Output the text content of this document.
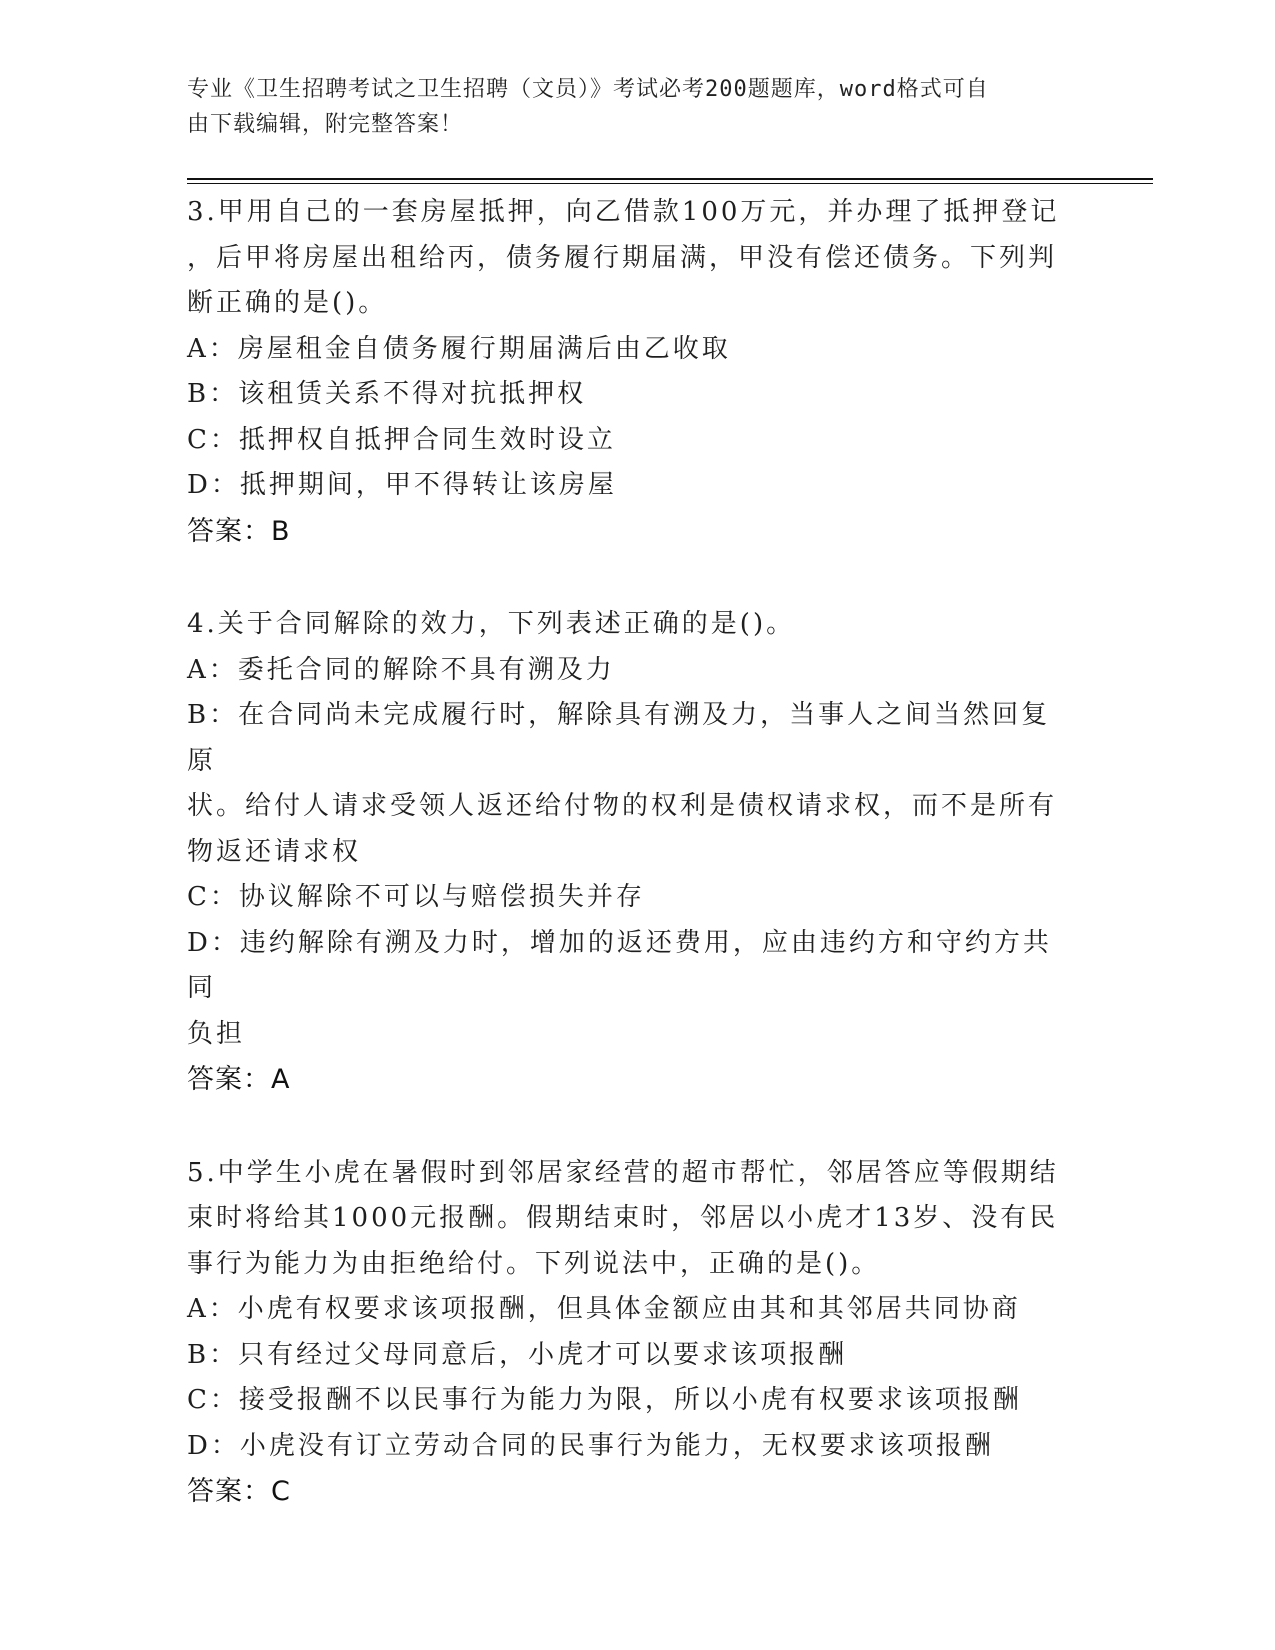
专业《卫生招聘考试之卫生招聘（文员）》考试必考200题题库，word格式可自
由下载编辑，附完整答案！
3.甲用自己的一套房屋抵押，向乙借款100万元，并办理了抵押登记
，后甲将房屋出租给丙，债务履行期届满，甲没有偿还债务。下列判
断正确的是()。
A：房屋租金自债务履行期届满后由乙收取
B：该租赁关系不得对抗抵押权
C：抵押权自抵押合同生效时设立
D：抵押期间，甲不得转让该房屋
答案：B
4.关于合同解除的效力，下列表述正确的是()。
A：委托合同的解除不具有溯及力
B：在合同尚未完成履行时，解除具有溯及力，当事人之间当然回复原
状。给付人请求受领人返还给付物的权利是债权请求权，而不是所有
物返还请求权
C：协议解除不可以与赔偿损失并存
D：违约解除有溯及力时，增加的返还费用，应由违约方和守约方共同
负担
答案：A
5.中学生小虎在暑假时到邻居家经营的超市帮忙，邻居答应等假期结
束时将给其1000元报酬。假期结束时，邻居以小虎才13岁、没有民
事行为能力为由拒绝给付。下列说法中，正确的是()。
A：小虎有权要求该项报酬，但具体金额应由其和其邻居共同协商
B：只有经过父母同意后，小虎才可以要求该项报酬
C：接受报酬不以民事行为能力为限，所以小虎有权要求该项报酬
D：小虎没有订立劳动合同的民事行为能力，无权要求该项报酬
答案：C
